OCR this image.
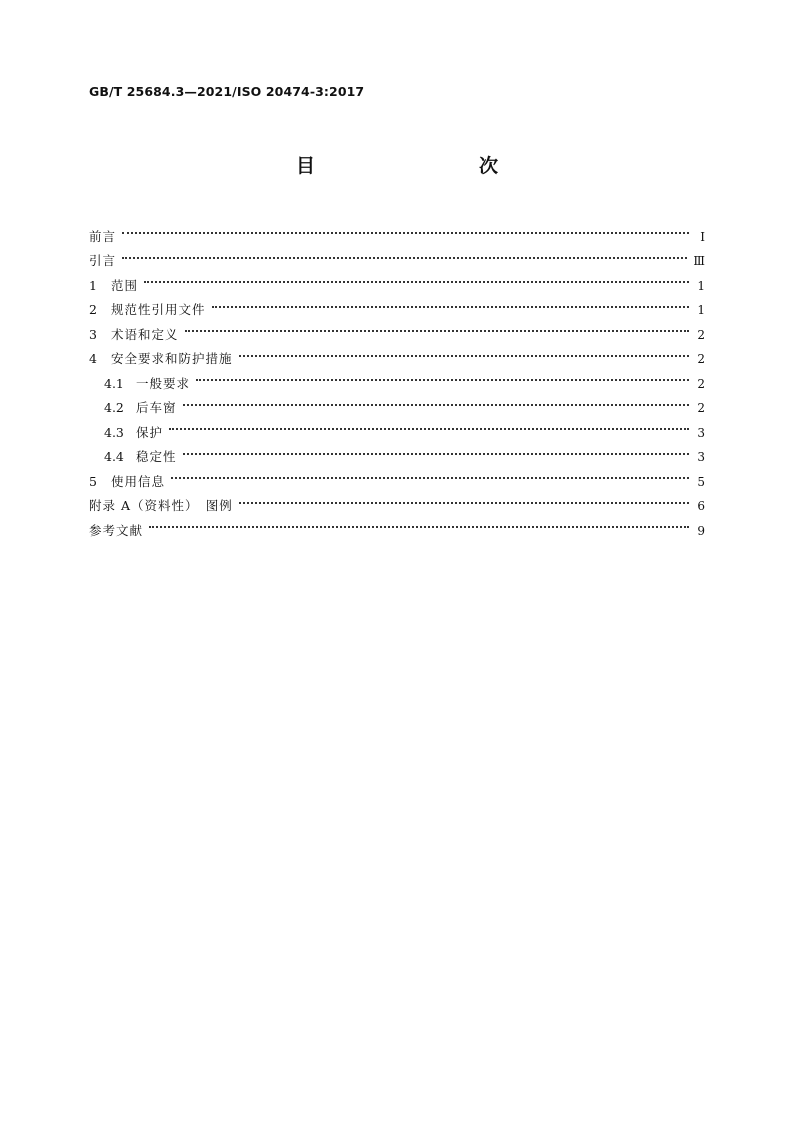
GB/T 25684.3—2021/ISO 20474-3:2017
目　　次
前言	Ⅰ
引言	Ⅲ
1	范围	1
2	规范性引用文件	1
3	术语和定义	2
4	安全要求和防护措施	2
4.1 一般要求	2
4.2 后车窗	2
4.3 保护	3
4.4 稳定性	3
5	使用信息	5
附录 A（资料性）　图例	6
参考文献	9
